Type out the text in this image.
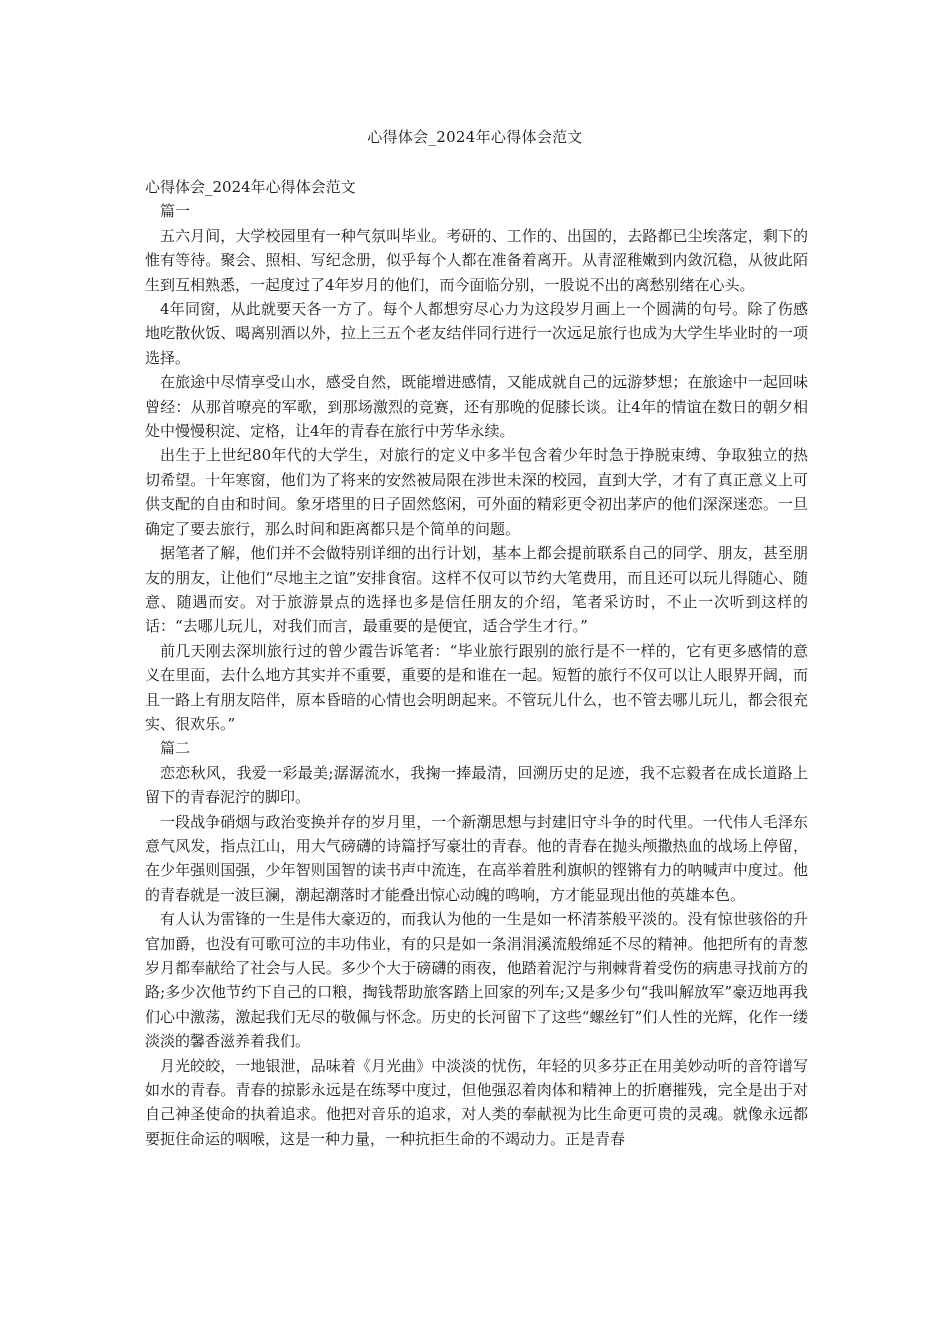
心得体会_2024年心得体会范文

心得体会_2024年心得体会范文

篇一

五六月间，大学校园里有一种气氛叫毕业。考研的、工作的、出国的，去路都已尘埃落定，剩下的惟有等待。聚会、照相、写纪念册，似乎每个人都在准备着离开。从青涩稚嫩到内敛沉稳，从彼此陌生到互相熟悉，一起度过了4年岁月的他们，而今面临分别，一股说不出的离愁别绪在心头。

4年同窗，从此就要天各一方了。每个人都想穷尽心力为这段岁月画上一个圆满的句号。除了伤感地吃散伙饭、喝离别酒以外，拉上三五个老友结伴同行进行一次远足旅行也成为大学生毕业时的一项选择。

在旅途中尽情享受山水，感受自然，既能增进感情，又能成就自己的远游梦想；在旅途中一起回味曾经：从那首嘹亮的军歌，到那场激烈的竞赛，还有那晚的促膝长谈。让4年的情谊在数日的朝夕相处中慢慢积淀、定格，让4年的青春在旅行中芳华永续。

出生于上世纪80年代的大学生，对旅行的定义中多半包含着少年时急于挣脱束缚、争取独立的热切希望。十年寒窗，他们为了将来的安然被局限在涉世未深的校园，直到大学，才有了真正意义上可供支配的自由和时间。象牙塔里的日子固然悠闲，可外面的精彩更令初出茅庐的他们深深迷恋。一旦确定了要去旅行，那么时间和距离都只是个简单的问题。

据笔者了解，他们并不会做特别详细的出行计划，基本上都会提前联系自己的同学、朋友，甚至朋友的朋友，让他们“尽地主之谊”安排食宿。这样不仅可以节约大笔费用，而且还可以玩儿得随心、随意、随遇而安。对于旅游景点的选择也多是信任朋友的介绍，笔者采访时，不止一次听到这样的话：“去哪儿玩儿，对我们而言，最重要的是便宜，适合学生才行。”

前几天刚去深圳旅行过的曾少霞告诉笔者：“毕业旅行跟别的旅行是不一样的，它有更多感情的意义在里面，去什么地方其实并不重要，重要的是和谁在一起。短暂的旅行不仅可以让人眼界开阔，而且一路上有朋友陪伴，原本昏暗的心情也会明朗起来。不管玩儿什么，也不管去哪儿玩儿，都会很充实、很欢乐。”

篇二

恋恋秋风，我爱一彩最美;潺潺流水，我掬一捧最清，回溯历史的足迹，我不忘毅者在成长道路上留下的青春泥泞的脚印。

一段战争硝烟与政治变换并存的岁月里，一个新潮思想与封建旧守斗争的时代里。一代伟人毛泽东意气风发，指点江山，用大气磅礴的诗篇抒写豪壮的青春。他的青春在抛头颅撒热血的战场上停留，在少年强则国强，少年智则国智的读书声中流连，在高举着胜利旗帜的铿锵有力的呐喊声中度过。他的青春就是一波巨澜，潮起潮落时才能叠出惊心动魄的鸣响，方才能显现出他的英雄本色。

有人认为雷锋的一生是伟大豪迈的，而我认为他的一生是如一杯清茶般平淡的。没有惊世骇俗的升官加爵，也没有可歌可泣的丰功伟业，有的只是如一条涓涓溪流般绵延不尽的精神。他把所有的青葱岁月都奉献给了社会与人民。多少个大于磅礴的雨夜，他踏着泥泞与荆棘背着受伤的病患寻找前方的路;多少次他节约下自己的口粮，掏钱帮助旅客踏上回家的列车;又是多少句“我叫解放军”豪迈地再我们心中激荡，激起我们无尽的敬佩与怀念。历史的长河留下了这些“螺丝钉”们人性的光辉，化作一缕淡淡的馨香滋养着我们。

月光皎皎，一地银泄，品味着《月光曲》中淡淡的忧伤，年轻的贝多芬正在用美妙动听的音符谱写如水的青春。青春的掠影永远是在练琴中度过，但他强忍着肉体和精神上的折磨摧残，完全是出于对自己神圣使命的执着追求。他把对音乐的追求，对人类的奉献视为比生命更可贵的灵魂。就像永远都要扼住命运的咽喉，这是一种力量，一种抗拒生命的不竭动力。正是青春
